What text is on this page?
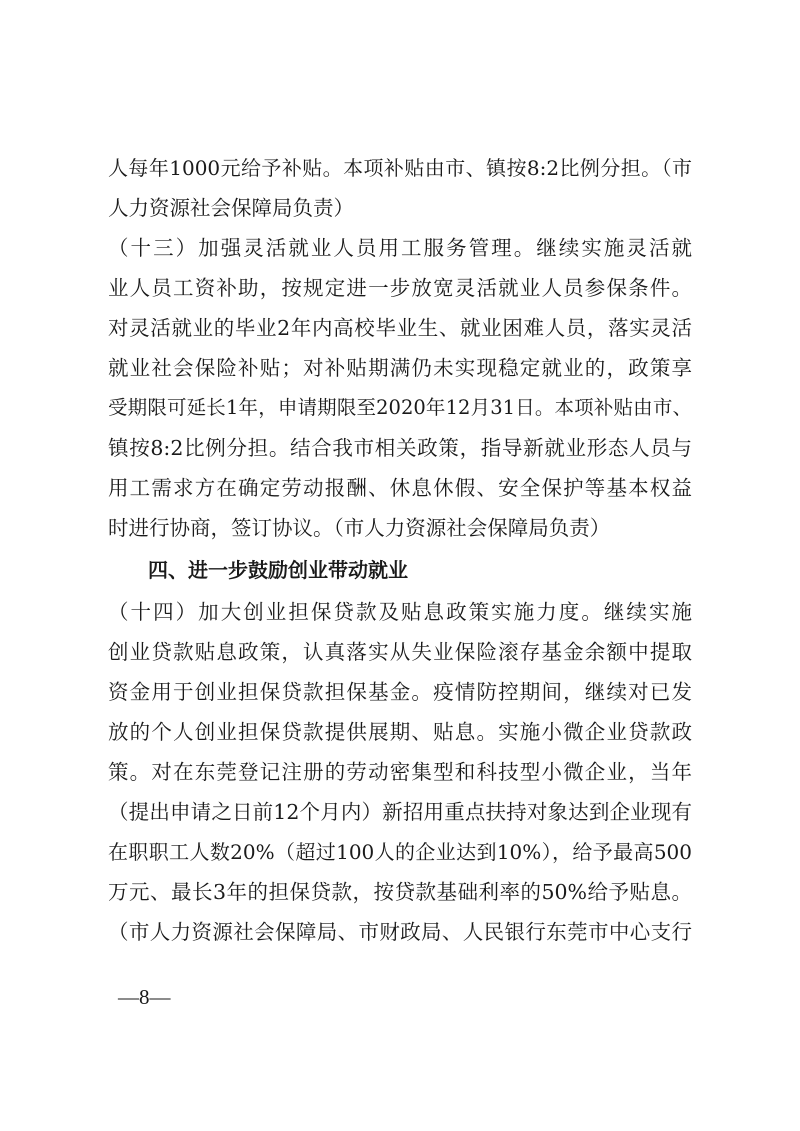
人每年1000元给予补贴。本项补贴由市、镇按8:2比例分担。（市
人力资源社会保障局负责）
（十三）加强灵活就业人员用工服务管理。继续实施灵活就
业人员工资补助，按规定进一步放宽灵活就业人员参保条件。
对灵活就业的毕业2年内高校毕业生、就业困难人员，落实灵活
就业社会保险补贴；对补贴期满仍未实现稳定就业的，政策享
受期限可延长1年，申请期限至2020年12月31日。本项补贴由市、
镇按8:2比例分担。结合我市相关政策，指导新就业形态人员与
用工需求方在确定劳动报酬、休息休假、安全保护等基本权益
时进行协商，签订协议。（市人力资源社会保障局负责）
四、进一步鼓励创业带动就业
（十四）加大创业担保贷款及贴息政策实施力度。继续实施
创业贷款贴息政策，认真落实从失业保险滚存基金余额中提取
资金用于创业担保贷款担保基金。疫情防控期间，继续对已发
放的个人创业担保贷款提供展期、贴息。实施小微企业贷款政
策。对在东莞登记注册的劳动密集型和科技型小微企业，当年
（提出申请之日前12个月内）新招用重点扶持对象达到企业现有
在职职工人数20%（超过100人的企业达到10%），给予最高500
万元、最长3年的担保贷款，按贷款基础利率的50%给予贴息。
（市人力资源社会保障局、市财政局、人民银行东莞市中心支行
—8—
